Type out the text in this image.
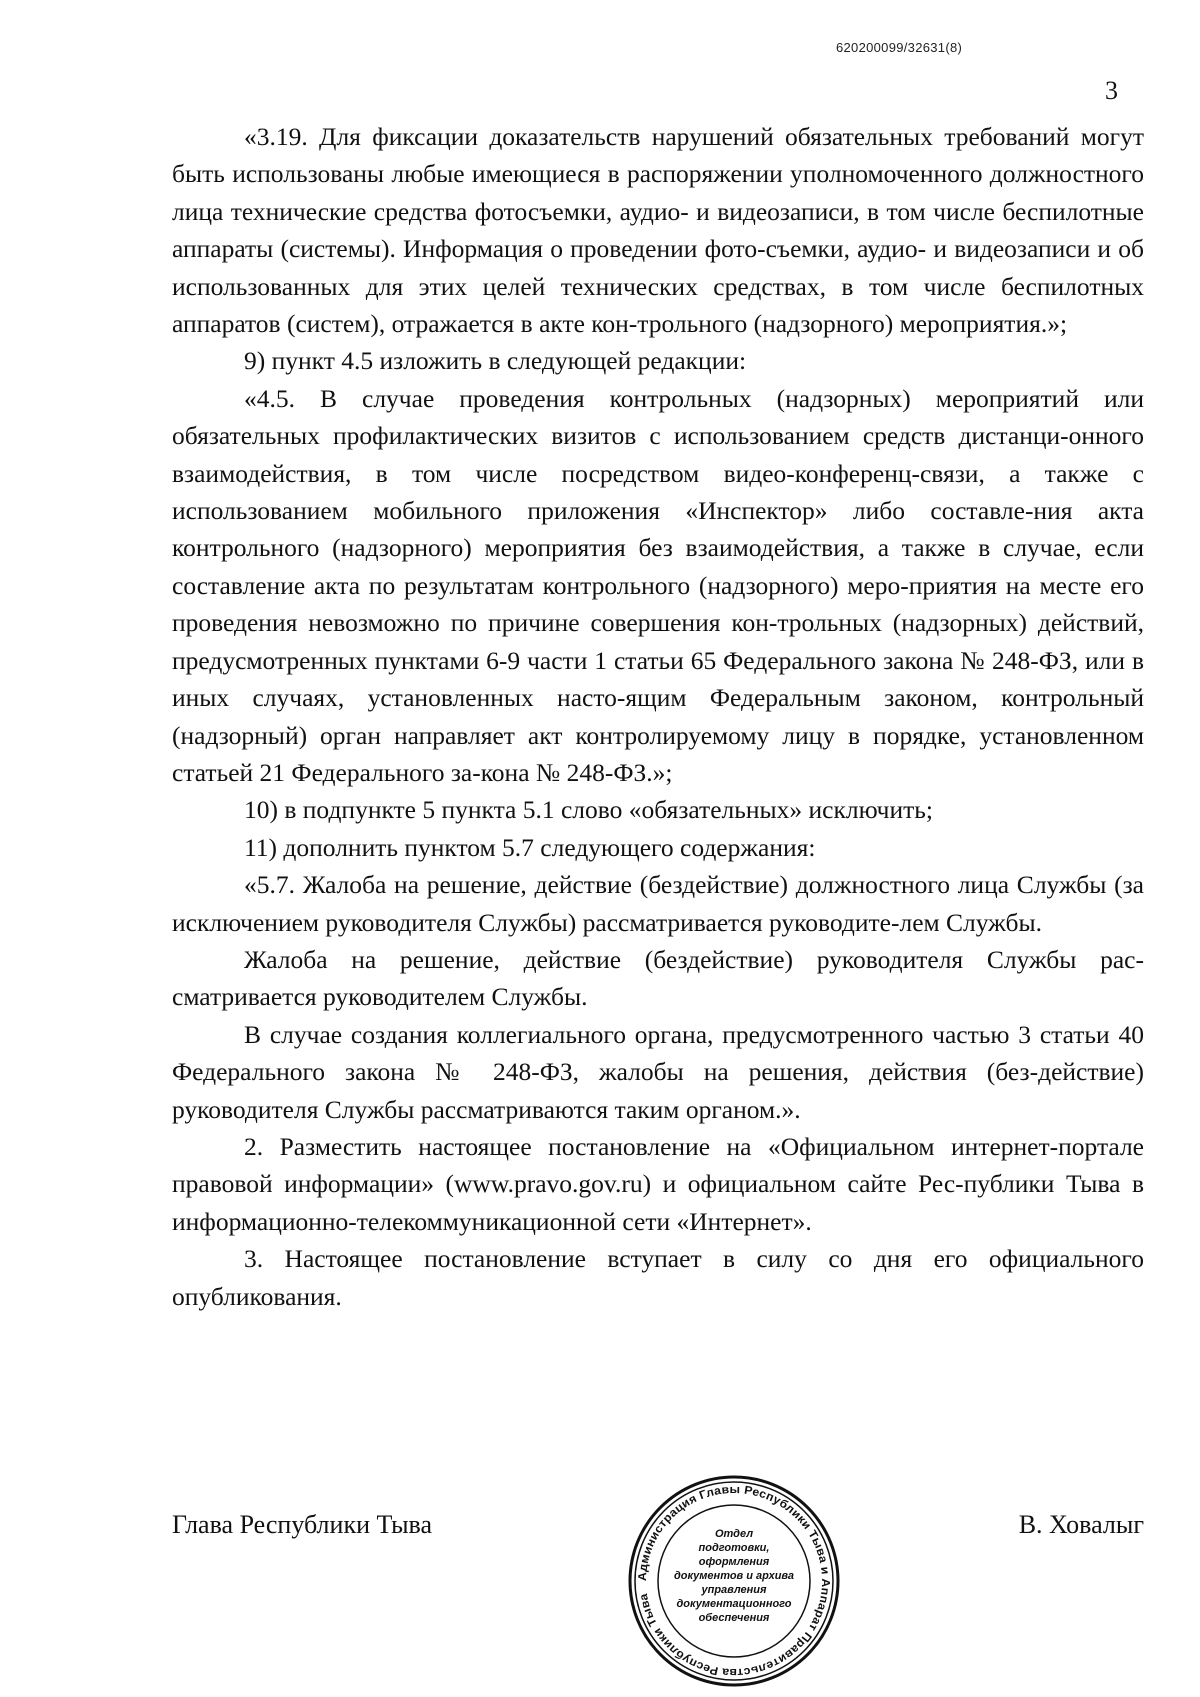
620200099/32631(8)
3

«3.19. Для фиксации доказательств нарушений обязательных требований могут быть использованы любые имеющиеся в распоряжении уполномоченного должностного лица технические средства фотосъемки, аудио- и видеозаписи, в том числе беспилотные аппараты (системы). Информация о проведении фото-съемки, аудио- и видеозаписи и об использованных для этих целей технических средствах, в том числе беспилотных аппаратов (систем), отражается в акте кон-трольного (надзорного) мероприятия.»;

9) пункт 4.5 изложить в следующей редакции:

«4.5. В случае проведения контрольных (надзорных) мероприятий или обязательных профилактических визитов с использованием средств дистанци-онного взаимодействия, в том числе посредством видео-конференц-связи, а также с использованием мобильного приложения «Инспектор» либо составле-ния акта контрольного (надзорного) мероприятия без взаимодействия, а также в случае, если составление акта по результатам контрольного (надзорного) меро-приятия на месте его проведения невозможно по причине совершения кон-трольных (надзорных) действий, предусмотренных пунктами 6-9 части 1 статьи 65 Федерального закона № 248-ФЗ, или в иных случаях, установленных насто-ящим Федеральным законом, контрольный (надзорный) орган направляет акт контролируемому лицу в порядке, установленном статьей 21 Федерального за-кона № 248-ФЗ.»;

10) в подпункте 5 пункта 5.1 слово «обязательных» исключить;

11) дополнить пунктом 5.7 следующего содержания:

«5.7. Жалоба на решение, действие (бездействие) должностного лица Службы (за исключением руководителя Службы) рассматривается руководите-лем Службы.

Жалоба на решение, действие (бездействие) руководителя Службы рас-сматривается руководителем Службы.

В случае создания коллегиального органа, предусмотренного частью 3 статьи 40 Федерального закона № 248-ФЗ, жалобы на решения, действия (без-действие) руководителя Службы рассматриваются таким органом.».

2. Разместить настоящее постановление на «Официальном интернет-портале правовой информации» (www.pravo.gov.ru) и официальном сайте Рес-публики Тыва в информационно-телекоммуникационной сети «Интернет».

3. Настоящее постановление вступает в силу со дня его официального опубликования.

Глава Республики Тыва	В. Ховалыг
Администрация Главы Республики Тыва и Аппарат Правительства Республики Тыва
Отдел
подготовки,
оформления
документов и архива
управления
документационного
обеспечения
